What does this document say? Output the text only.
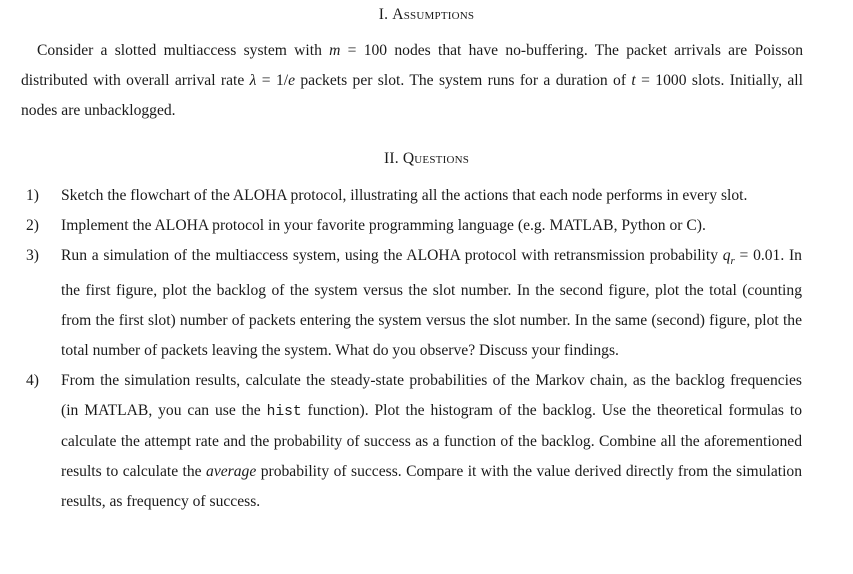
I. Assumptions

Consider a slotted multiaccess system with m = 100 nodes that have no-buffering. The packet arrivals are Poisson distributed with overall arrival rate λ = 1/e packets per slot. The system runs for a duration of t = 1000 slots. Initially, all nodes are unbacklogged.

II. Questions
1) Sketch the flowchart of the ALOHA protocol, illustrating all the actions that each node performs in every slot.
2) Implement the ALOHA protocol in your favorite programming language (e.g. MATLAB, Python or C).
3) Run a simulation of the multiaccess system, using the ALOHA protocol with retransmission probability $q_r = 0.01$. In the first figure, plot the backlog of the system versus the slot number. In the second figure, plot the total (counting from the first slot) number of packets entering the system versus the slot number. In the same (second) figure, plot the total number of packets leaving the system. What do you observe? Discuss your findings.
4) From the simulation results, calculate the steady-state probabilities of the Markov chain, as the backlog frequencies (in MATLAB, you can use the hist function). Plot the histogram of the backlog. Use the theoretical formulas to calculate the attempt rate and the probability of success as a function of the backlog. Combine all the aforementioned results to calculate the average probability of success. Compare it with the value derived directly from the simulation results, as frequency of success.
